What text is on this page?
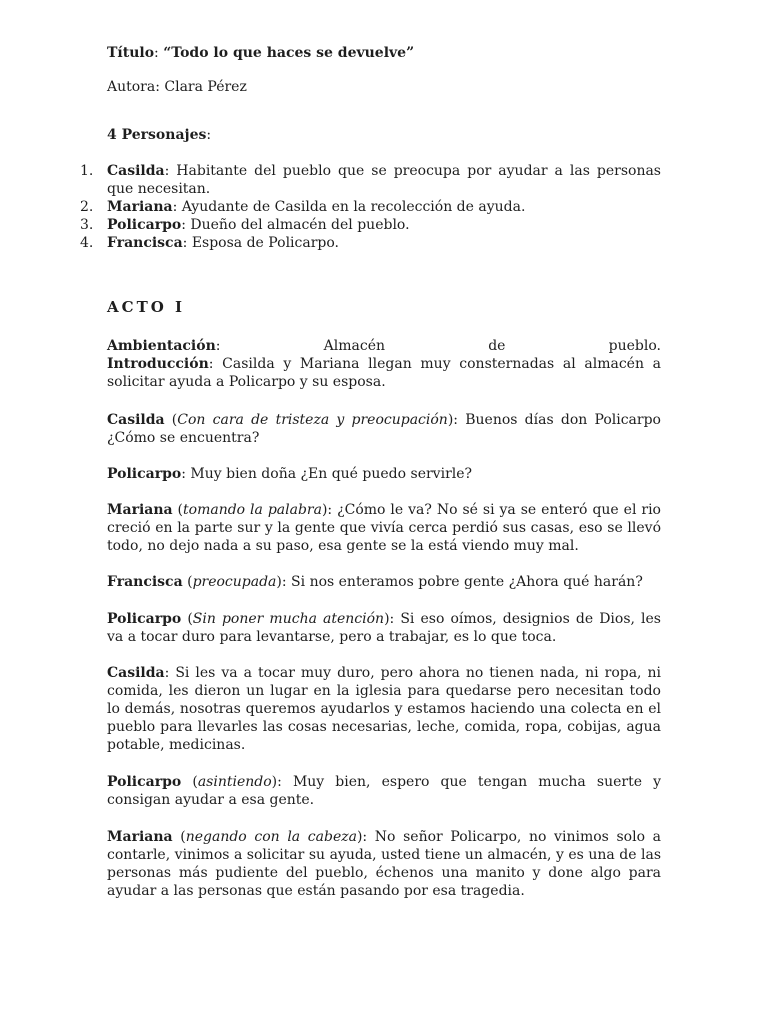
Título: “Todo lo que haces se devuelve”
Autora: Clara Pérez
4 Personajes:
1. Casilda: Habitante del pueblo que se preocupa por ayudar a las personas que necesitan.
2. Mariana: Ayudante de Casilda en la recolección de ayuda.
3. Policarpo: Dueño del almacén del pueblo.
4. Francisca: Esposa de Policarpo.
ACTO I
Ambientación:	Almacén	de	pueblo.
Introducción: Casilda y Mariana llegan muy consternadas al almacén a solicitar ayuda a Policarpo y su esposa.
Casilda (Con cara de tristeza y preocupación): Buenos días don Policarpo ¿Cómo se encuentra?
Policarpo: Muy bien doña ¿En qué puedo servirle?
Mariana (tomando la palabra): ¿Cómo le va? No sé si ya se enteró que el rio creció en la parte sur y la gente que vivía cerca perdió sus casas, eso se llevó todo, no dejo nada a su paso, esa gente se la está viendo muy mal.
Francisca (preocupada): Si nos enteramos pobre gente ¿Ahora qué harán?
Policarpo (Sin poner mucha atención): Si eso oímos, designios de Dios, les va a tocar duro para levantarse, pero a trabajar, es lo que toca.
Casilda: Si les va a tocar muy duro, pero ahora no tienen nada, ni ropa, ni comida, les dieron un lugar en la iglesia para quedarse pero necesitan todo lo demás, nosotras queremos ayudarlos y estamos haciendo una colecta en el pueblo para llevarles las cosas necesarias, leche, comida, ropa, cobijas, agua potable, medicinas.
Policarpo (asintiendo): Muy bien, espero que tengan mucha suerte y consigan ayudar a esa gente.
Mariana (negando con la cabeza): No señor Policarpo, no vinimos solo a contarle, vinimos a solicitar su ayuda, usted tiene un almacén, y es una de las personas más pudiente del pueblo, échenos una manito y done algo para ayudar a las personas que están pasando por esa tragedia.
